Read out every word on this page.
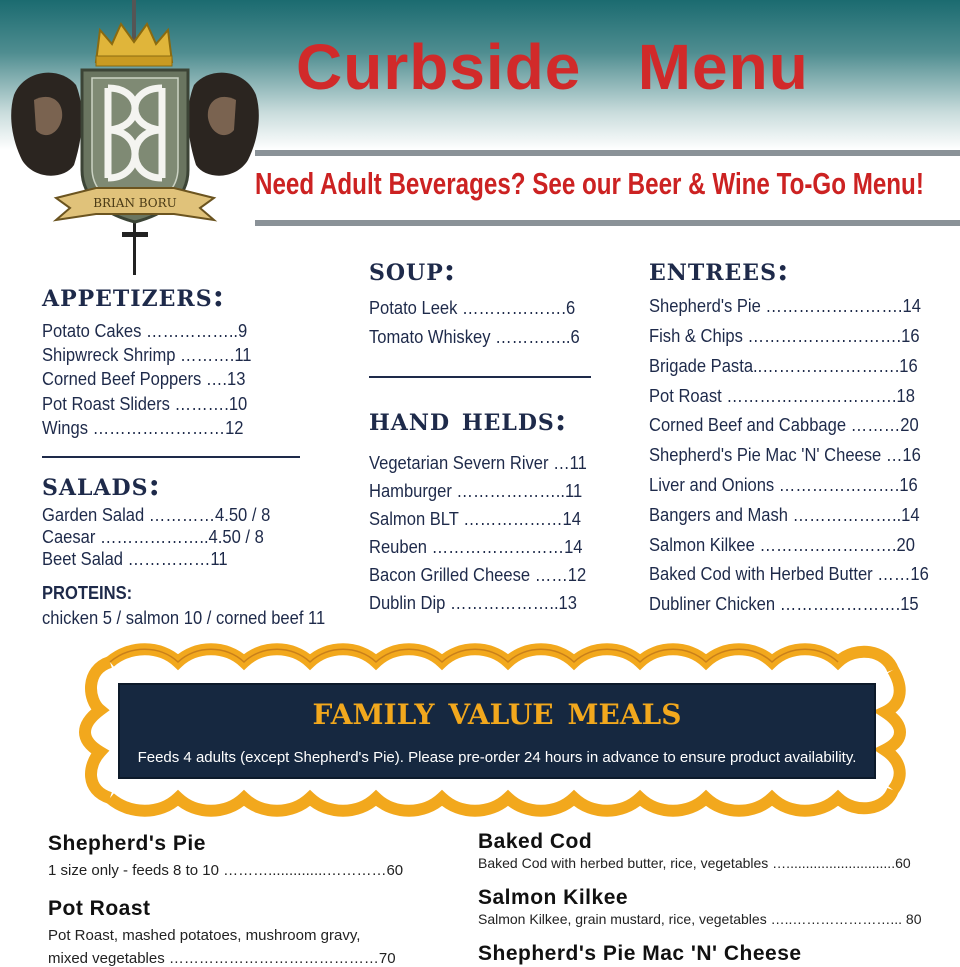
BRIAN BORU
Curbside   Menu
Need Adult Beverages? See our Beer & Wine To-Go Menu!
appetizers:
Potato Cakes ……………..9
Shipwreck Shrimp ……….11
Corned Beef Poppers ….13
Pot Roast Sliders ……….10
Wings ……………………12
salads:
Garden Salad …………4.50 / 8
Caesar ………………..4.50 / 8
Beet Salad ……………11
PROTEINS:
chicken 5 / salmon 10 / corned beef 11
soup:
Potato Leek ……………….6
Tomato Whiskey …………..6
hand helds:
Vegetarian Severn River …11
Hamburger ………………..11
Salmon BLT ………………14
Reuben ……………………14
Bacon Grilled Cheese ……12
Dublin Dip ………………..13
entrees:
Shepherd's Pie …………………….14
Fish & Chips ……………………….16
Brigade Pasta..…………………….16
Pot Roast ………………………….18
Corned Beef and Cabbage ………20
Shepherd's Pie Mac 'N' Cheese …16
Liver and Onions ………………….16
Bangers and Mash ………………..14
Salmon Kilkee …………………….20
Baked Cod with Herbed Butter ……16
Dubliner Chicken ………………….15
family value meals
Feeds 4 adults (except Shepherd's Pie). Please pre-order 24 hours in advance to ensure product availability.
Shepherd's Pie
1 size only - feeds 8 to 10 ………..............…………60
Pot Roast
Pot Roast, mashed potatoes, mushroom gravy,
mixed vegetables ……………………………………70
Baked Cod
Baked Cod with herbed butter, rice, vegetables …............................60
Salmon Kilkee
Salmon Kilkee, grain mustard, rice, vegetables …..…………………... 80
Shepherd's Pie Mac 'N' Cheese
